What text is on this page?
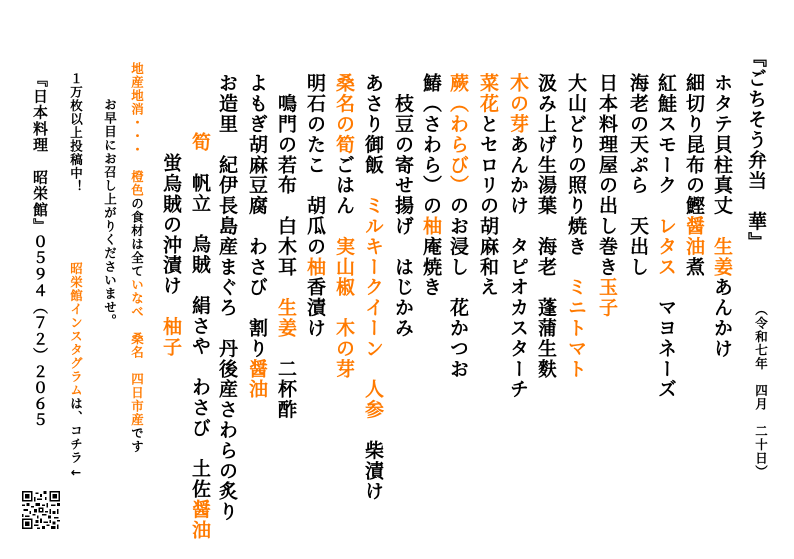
『ごちそう弁当　華』
（令和七年　四月　二十日）
ホタテ貝柱真丈　生姜あんかけ
細切り昆布の鰹醤油煮
紅鮭スモーク　レタス　マヨネーズ
海老の天ぷら　天出し
日本料理屋の出し巻き玉子
大山どりの照り焼き　ミニトマト
汲み上げ生湯葉　海老　蓬蒲生麩
木の芽あんかけ　タピオカスターチ
菜花とセロリの胡麻和え
蕨（わらび）のお浸し　花かつお
鰆（さわら）の柚庵焼き
　枝豆の寄せ揚げ　はじかみ
あさり御飯　ミルキークイーン　人参　柴漬け
桑名の筍ごはん　実山椒　木の芽
明石のたこ　胡瓜の柚香漬け
　鳴門の若布　白木耳　生姜　二杯酢
よもぎ胡麻豆腐　わさび　割り醤油
お造里　紀伊長島産まぐろ　丹後産さわらの炙り
筍　帆立　烏賊　絹さや　わさび　土佐醤油
蛍烏賊の沖漬け　柚子
地産地消・・・　橙色の食材は全ていなべ　桑名　四日市産です
お早目にお召し上がりくださいませ。
昭栄館インスタグラムは、コチラ←
１万枚以上投稿中！
『日本料理　昭栄館』０５９４（７２）２０６５
